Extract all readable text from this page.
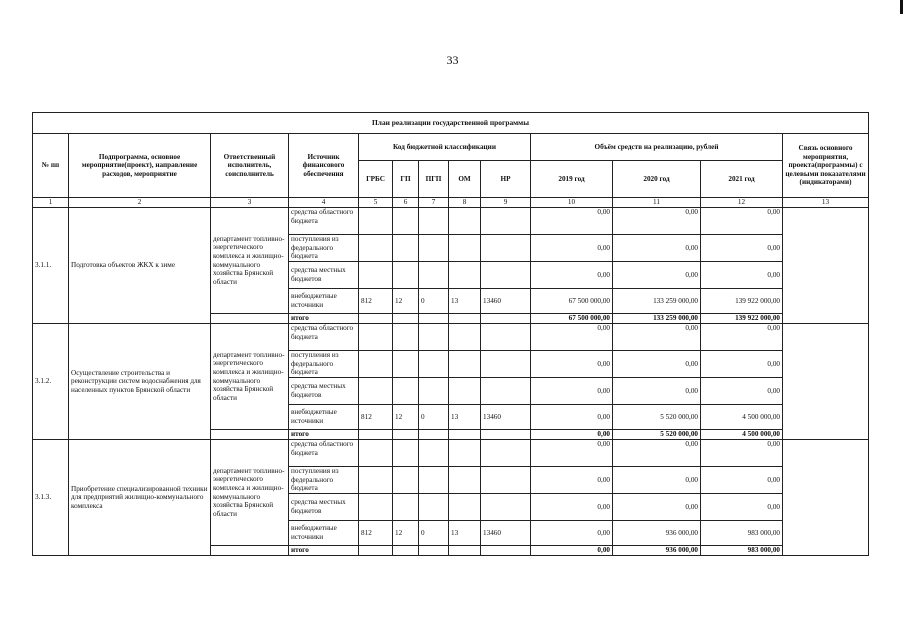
33
План реализации государственной программы												
№ пп	Подпрограмма, основное мероприятие(проект), направление расходов, мероприятие	Ответственный исполнитель, соисполнитель	Источник финансового обеспечения	Код бюджетной классификации					Объём средств на реализацию, рублей			Связь основного мероприятия, проекта(программы) с целевыми показателями (индикаторами)
				ГРБС	ГП	ПГП	ОМ	НР	2019 год	2020 год	2021 год	
1	2	3	4	5	6	7	8	9	10	11	12	13
3.1.1.	Подготовка объектов ЖКХ к зиме	департамент топливно-энергетического комплекса и жилищно-коммунального хозяйства Брянской области	средства областного бюджета						0,00	0,00	0,00	
			поступления из федерального бюджета						0,00	0,00	0,00	
			средства местных бюджетов						0,00	0,00	0,00	
			внебюджетные источники	812	12	0	13	13460	67 500 000,00	133 259 000,00	139 922 000,00	
			итого						67 500 000,00	133 259 000,00	139 922 000,00	
3.1.2.	Осуществление строительства и реконструкции систем водоснабжения для населенных пунктов Брянской области	департамент топливно-энергетического комплекса и жилищно-коммунального хозяйства Брянской области	средства областного бюджета						0,00	0,00	0,00	
			поступления из федерального бюджета						0,00	0,00	0,00	
			средства местных бюджетов						0,00	0,00	0,00	
			внебюджетные источники	812	12	0	13	13460	0,00	5 520 000,00	4 500 000,00	
			итого						0,00	5 520 000,00	4 500 000,00	
3.1.3.	Приобретение специализированной техники для предприятий жилищно-коммунального комплекса	департамент топливно-энергетического комплекса и жилищно-коммунального хозяйства Брянской области	средства областного бюджета						0,00	0,00	0,00	
			поступления из федерального бюджета						0,00	0,00	0,00	
			средства местных бюджетов						0,00	0,00	0,00	
			внебюджетные источники	812	12	0	13	13460	0,00	936 000,00	983 000,00	
			итого						0,00	936 000,00	983 000,00	
